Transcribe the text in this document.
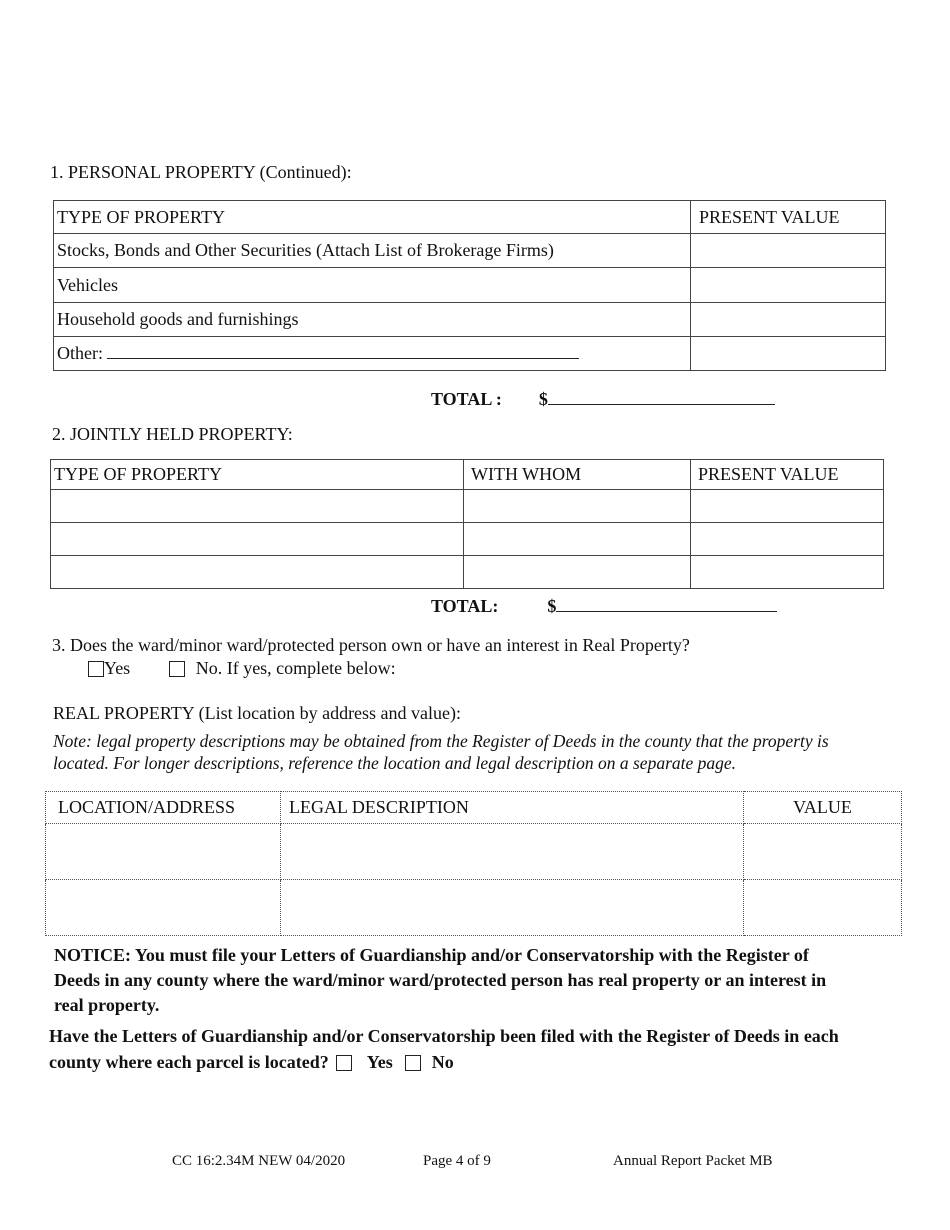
1. PERSONAL PROPERTY (Continued):
TYPE OF PROPERTY	PRESENT VALUE
Stocks, Bonds and Other Securities (Attach List of Brokerage Firms)	
Vehicles	
Household goods and furnishings	
Other:	
TOTAL : $
2. JOINTLY HELD PROPERTY:
TYPE OF PROPERTY	WITH WHOM	PRESENT VALUE

TOTAL:	$
3. Does the ward/minor ward/protected person own or have an interest in Real Property?
Yes	No. If yes, complete below:
REAL PROPERTY (List location by address and value):
Note: legal property descriptions may be obtained from the Register of Deeds in the county that the property is
located. For longer descriptions, reference the location and legal description on a separate page.
LOCATION/ADDRESS	LEGAL DESCRIPTION	VALUE

NOTICE: You must file your Letters of Guardianship and/or Conservatorship with the Register of
Deeds in any county where the ward/minor ward/protected person has real property or an interest in
real property.
Have the Letters of Guardianship and/or Conservatorship been filed with the Register of Deeds in each
county where each parcel is located? Yes No
CC 16:2.34M NEW 04/2020	Page 4 of 9	Annual Report Packet MB
